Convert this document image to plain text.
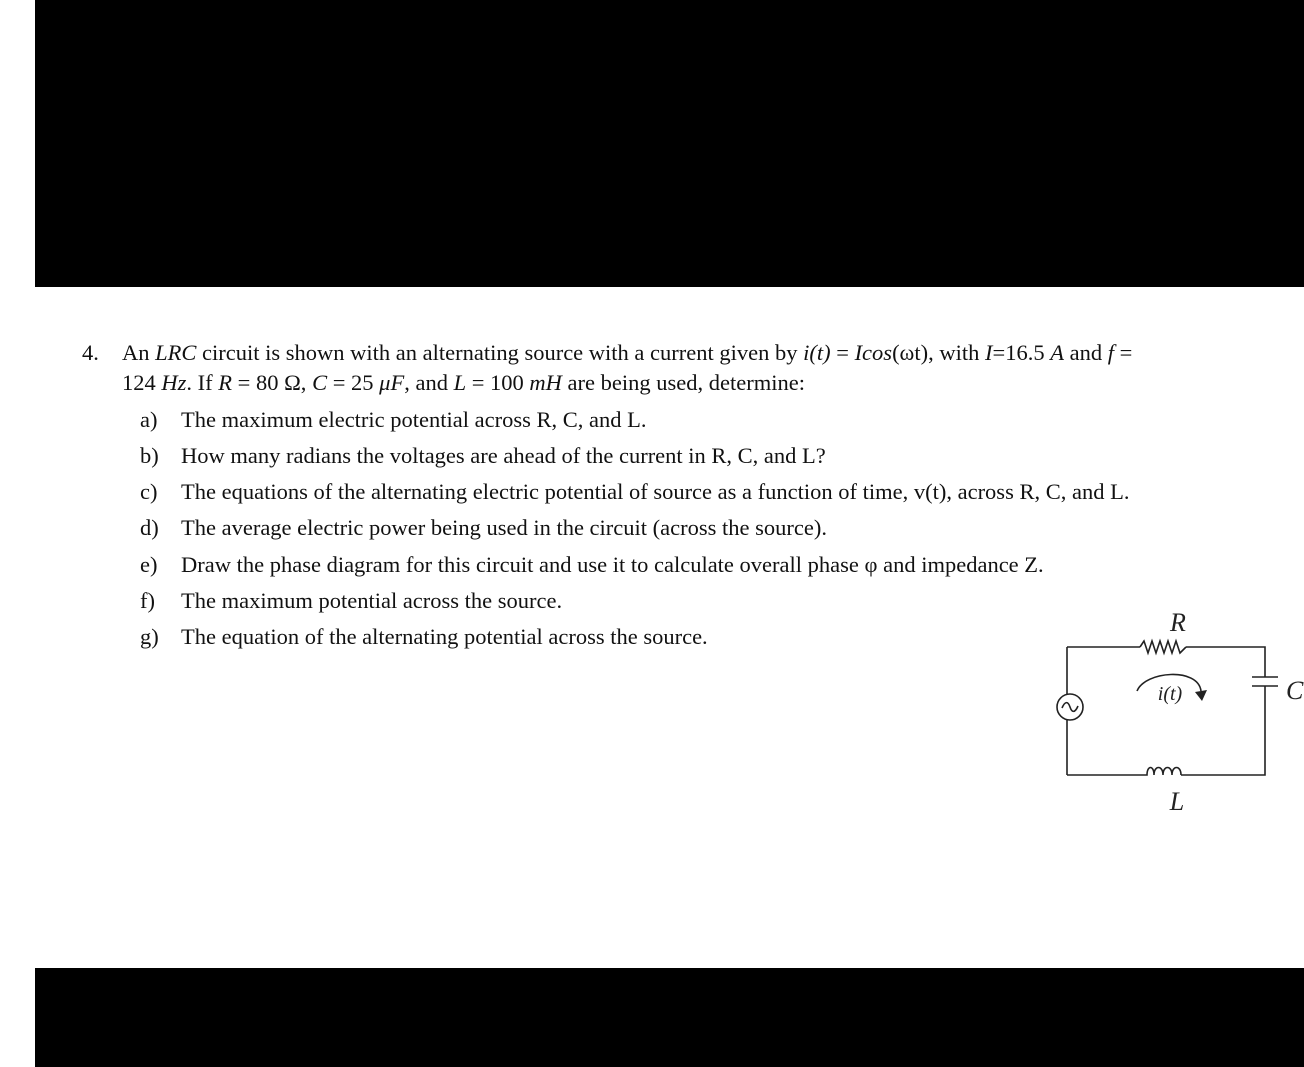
4. An LRC circuit is shown with an alternating source with a current given by i(t) = Icos(ωt), with I=16.5 A and f =
124 Hz. If R = 80 Ω, C = 25 μF, and L = 100 mH are being used, determine:
a) The maximum electric potential across R, C, and L.
b) How many radians the voltages are ahead of the current in R, C, and L?
c) The equations of the alternating electric potential of source as a function of time, v(t), across R, C, and L.
d) The average electric power being used in the circuit (across the source).
e) Draw the phase diagram for this circuit and use it to calculate overall phase φ and impedance Z.
f) The maximum potential across the source.
g) The equation of the alternating potential across the source.	R
C
L
i(t)
